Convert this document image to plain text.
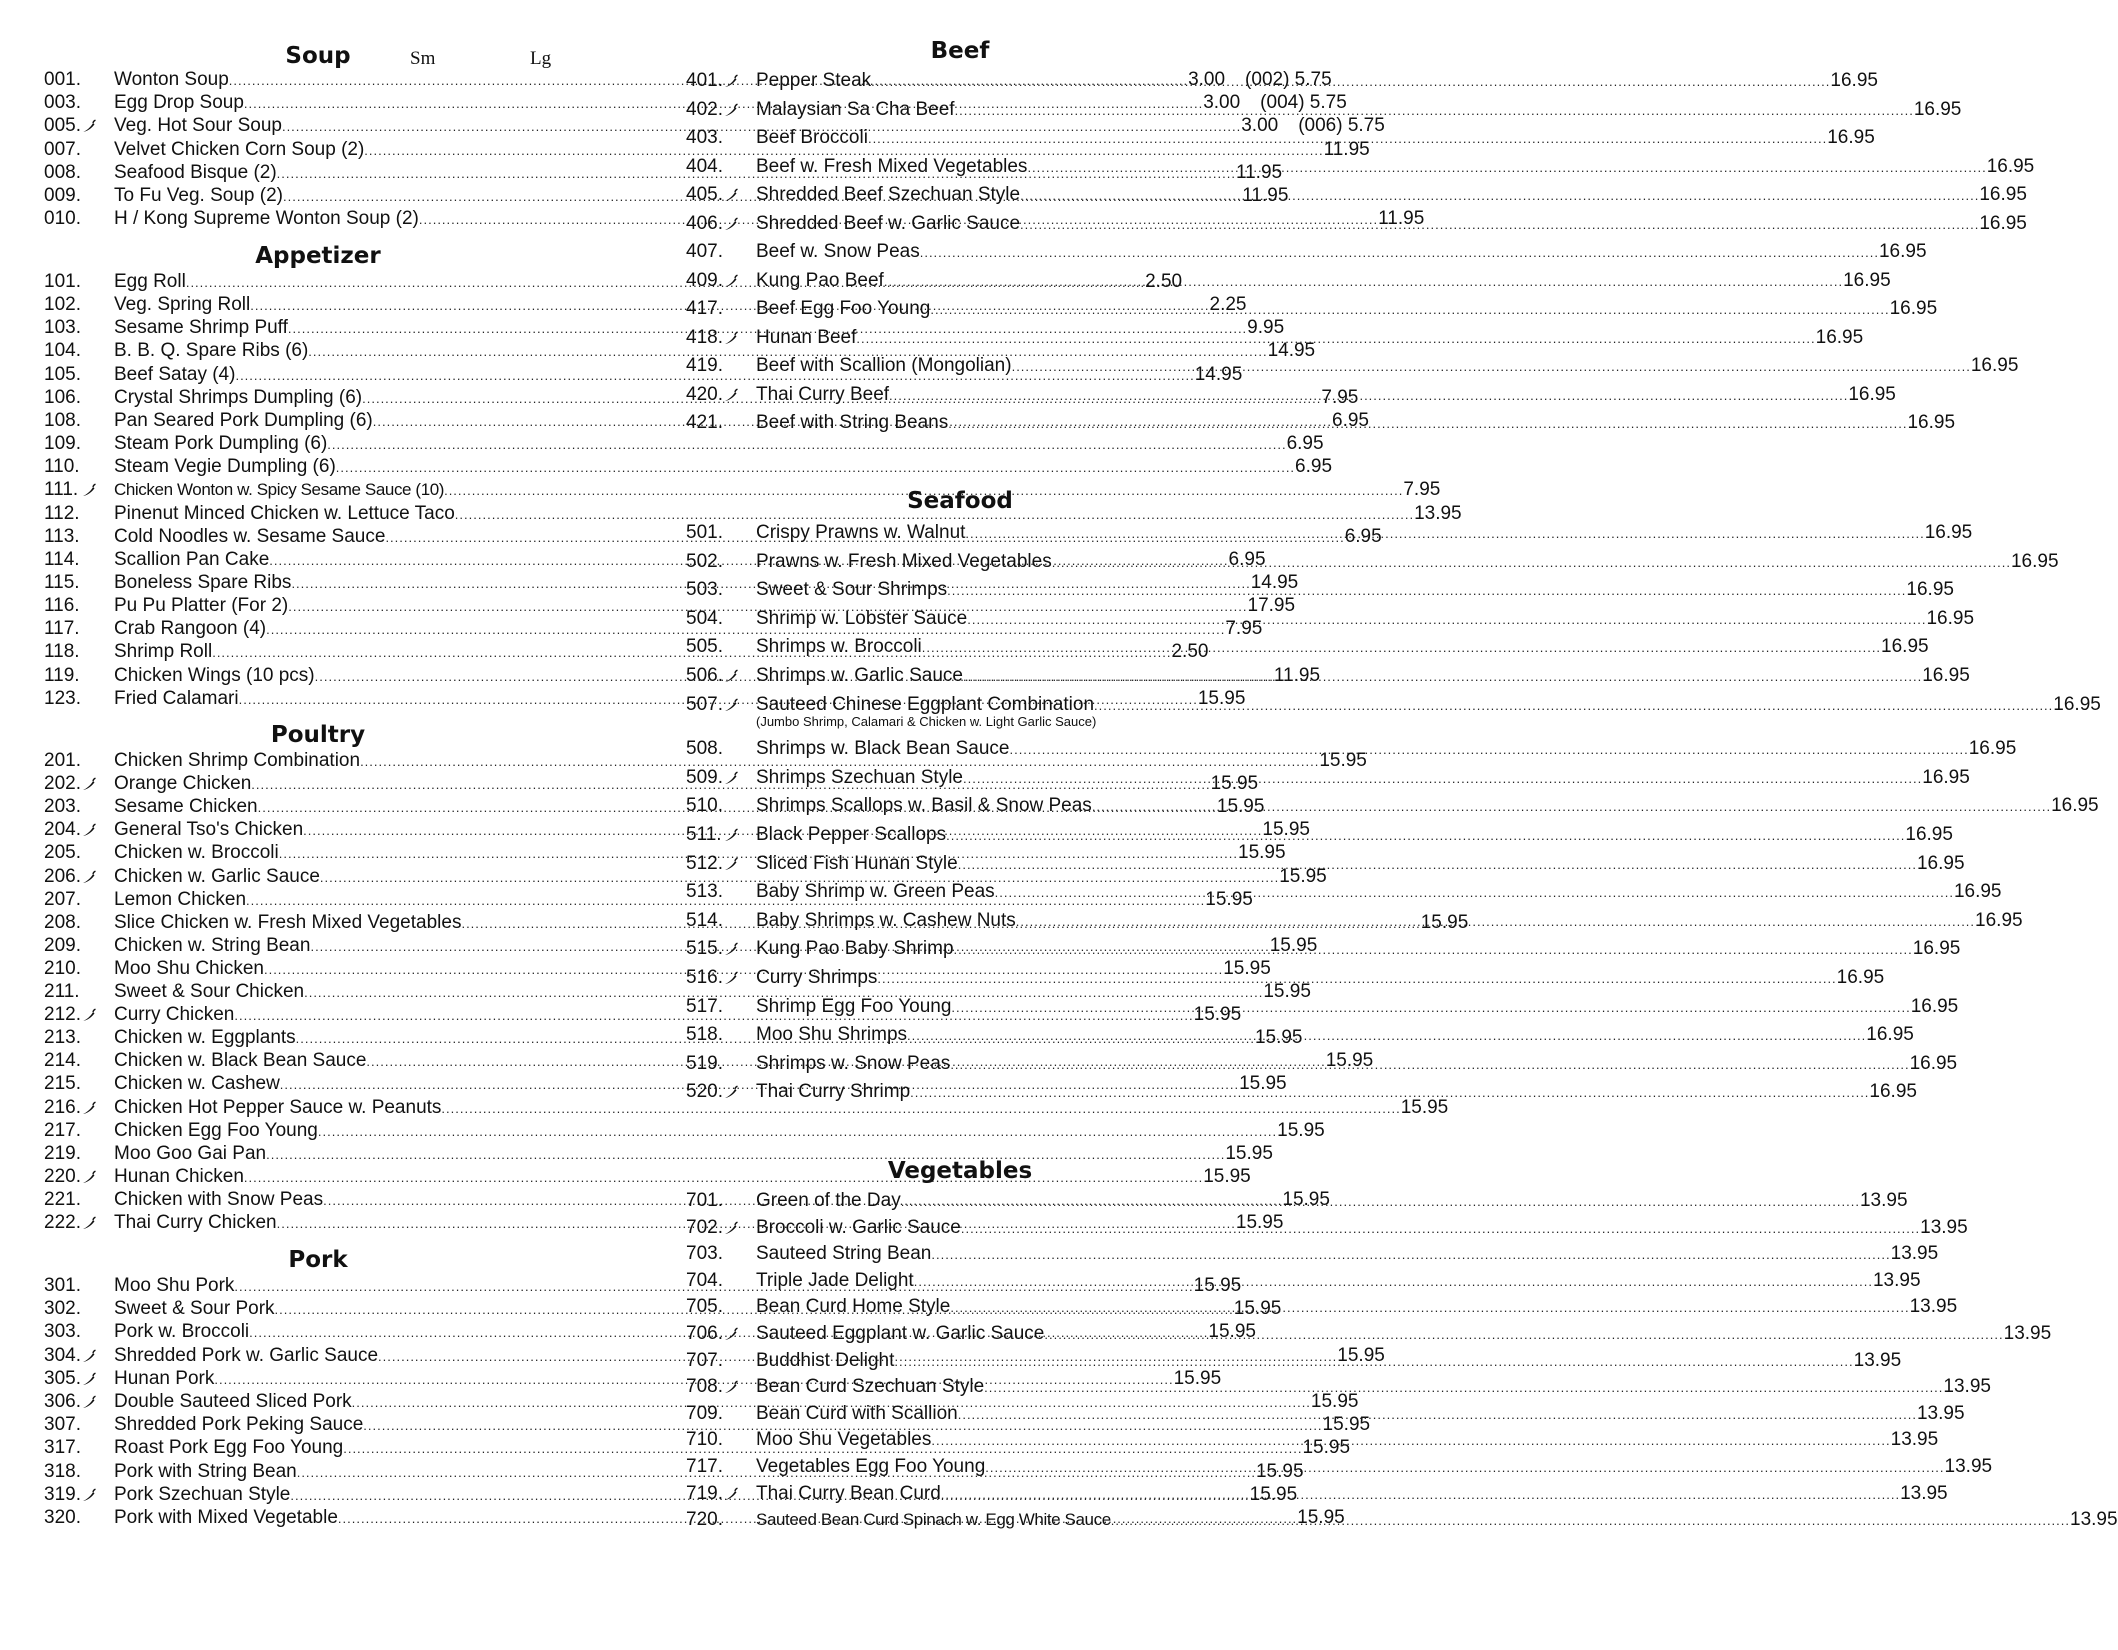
Soup	Sm	Lg
001. Wonton Soup .....	3.00	(002) 5.75
003. Egg Drop Soup .....	3.00	(004) 5.75
005. Veg. Hot Sour Soup .....	3.00	(006) 5.75
007. Velvet Chicken Corn Soup (2) .....	11.95
008. Seafood Bisque (2) .....	11.95
009. To Fu Veg. Soup (2) .....	11.95
010. H / Kong Supreme Wonton Soup (2) .....	11.95
Appetizer
101. Egg Roll .....	2.50
102. Veg. Spring Roll .....	2.25
103. Sesame Shrimp Puff .....	9.95
104. B. B. Q. Spare Ribs (6) .....	14.95
105. Beef Satay (4) .....	14.95
106. Crystal Shrimps Dumpling (6) .....	7.95
108. Pan Seared Pork Dumpling (6) .....	6.95
109. Steam Pork Dumpling (6) .....	6.95
110. Steam Vegie Dumpling (6) .....	6.95
111. Chicken Wonton w. Spicy Sesame Sauce (10) .....	7.95
112. Pinenut Minced Chicken w. Lettuce Taco .....	13.95
113. Cold Noodles w. Sesame Sauce .....	6.95
114. Scallion Pan Cake .....	6.95
115. Boneless Spare Ribs .....	14.95
116. Pu Pu Platter (For 2) .....	17.95
117. Crab Rangoon (4) .....	7.95
118. Shrimp Roll .....	2.50
119. Chicken Wings (10 pcs) .....	11.95
123. Fried Calamari .....	15.95
Poultry
201. Chicken Shrimp Combination .....	15.95
202. Orange Chicken .....	15.95
203. Sesame Chicken .....	15.95
204. General Tso's Chicken .....	15.95
205. Chicken w. Broccoli .....	15.95
206. Chicken w. Garlic Sauce .....	15.95
207. Lemon Chicken .....	15.95
208. Slice Chicken w. Fresh Mixed Vegetables .....	15.95
209. Chicken w. String Bean .....	15.95
210. Moo Shu Chicken .....	15.95
211. Sweet & Sour Chicken .....	15.95
212. Curry Chicken .....	15.95
213. Chicken w. Eggplants .....	15.95
214. Chicken w. Black Bean Sauce .....	15.95
215. Chicken w. Cashew .....	15.95
216. Chicken Hot Pepper Sauce w. Peanuts .....	15.95
217. Chicken Egg Foo Young .....	15.95
219. Moo Goo Gai Pan .....	15.95
220. Hunan Chicken .....	15.95
221. Chicken with Snow Peas .....	15.95
222. Thai Curry Chicken .....	15.95
Pork
301. Moo Shu Pork .....	15.95
302. Sweet & Sour Pork .....	15.95
303. Pork w. Broccoli .....	15.95
304. Shredded Pork w. Garlic Sauce .....	15.95
305. Hunan Pork .....	15.95
306. Double Sauteed Sliced Pork .....	15.95
307. Shredded Pork Peking Sauce .....	15.95
317. Roast Pork Egg Foo Young .....	15.95
318. Pork with String Bean .....	15.95
319. Pork Szechuan Style .....	15.95
320. Pork with Mixed Vegetable .....	15.95
Beef
401. Pepper Steak .....	16.95
402. Malaysian Sa Cha Beef .....	16.95
403. Beef Broccoli .....	16.95
404. Beef w. Fresh Mixed Vegetables .....	16.95
405. Shredded Beef Szechuan Style .....	16.95
406. Shredded Beef w. Garlic Sauce .....	16.95
407. Beef w. Snow Peas .....	16.95
409. Kung Pao Beef .....	16.95
417. Beef Egg Foo Young .....	16.95
418. Hunan Beef .....	16.95
419. Beef with Scallion (Mongolian) .....	16.95
420. Thai Curry Beef .....	16.95
421. Beef with String Beans .....	16.95
Seafood
501. Crispy Prawns w. Walnut .....	16.95
502. Prawns w. Fresh Mixed Vegetables .....	16.95
503. Sweet & Sour Shrimps .....	16.95
504. Shrimp w. Lobster Sauce .....	16.95
505. Shrimps w. Broccoli .....	16.95
506. Shrimps w. Garlic Sauce .....	16.95
507. Sauteed Chinese Eggplant Combination .....	16.95
(Jumbo Shrimp, Calamari & Chicken w. Light Garlic Sauce)
508. Shrimps w. Black Bean Sauce .....	16.95
509. Shrimps Szechuan Style .....	16.95
510. Shrimps Scallops w. Basil & Snow Peas .....	16.95
511. Black Pepper Scallops .....	16.95
512. Sliced Fish Hunan Style .....	16.95
513. Baby Shrimp w. Green Peas .....	16.95
514. Baby Shrimps w. Cashew Nuts .....	16.95
515. Kung Pao Baby Shrimp .....	16.95
516. Curry Shrimps .....	16.95
517. Shrimp Egg Foo Young .....	16.95
518. Moo Shu Shrimps .....	16.95
519. Shrimps w. Snow Peas .....	16.95
520. Thai Curry Shrimp .....	16.95
Vegetables
701. Green of the Day .....	13.95
702. Broccoli w. Garlic Sauce .....	13.95
703. Sauteed String Bean .....	13.95
704. Triple Jade Delight .....	13.95
705. Bean Curd Home Style .....	13.95
706. Sauteed Eggplant w. Garlic Sauce .....	13.95
707. Buddhist Delight .....	13.95
708. Bean Curd Szechuan Style .....	13.95
709. Bean Curd with Scallion .....	13.95
710. Moo Shu Vegetables .....	13.95
717. Vegetables Egg Foo Young .....	13.95
719. Thai Curry Bean Curd .....	13.95
720. Sauteed Bean Curd Spinach w. Egg White Sauce .....	13.95
